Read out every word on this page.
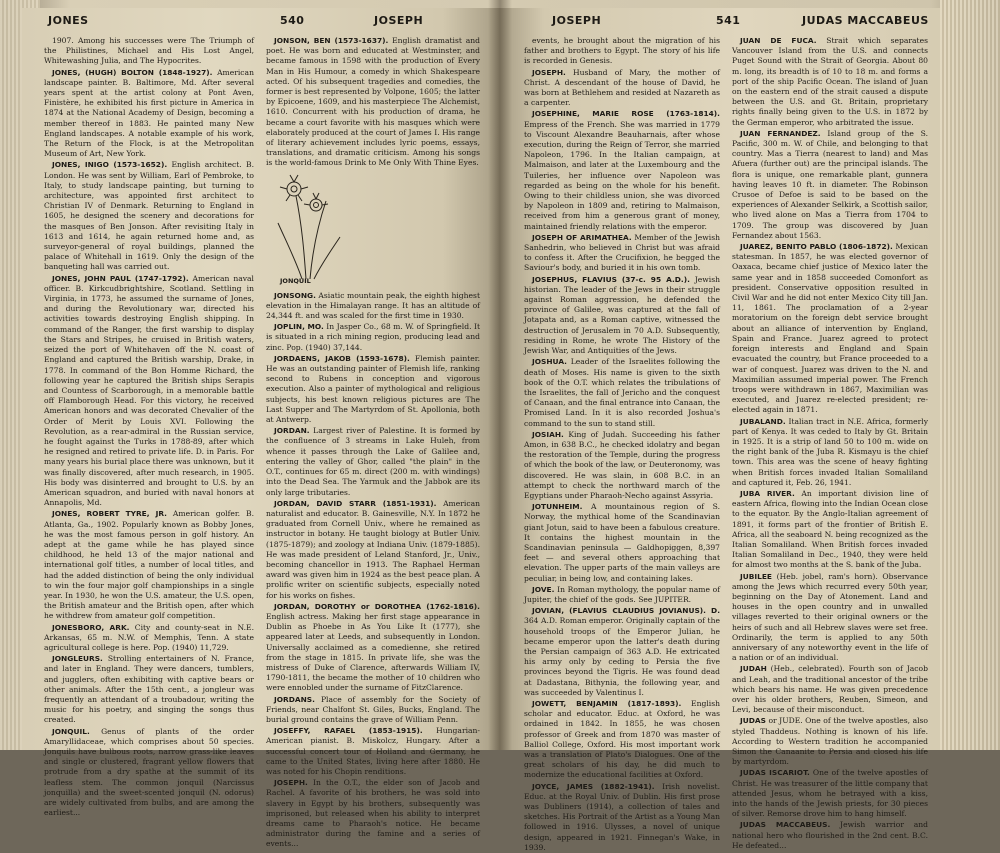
JONES	540	JOSEPH

1907. Among his successes were The Triumph of the Philistines, Michael and His Lost Angel, Whitewashing Julia, and The Hypocrites.

JONES, (HUGH) BOLTON (1848-1927). American landscape painter. B. Baltimore, Md. After several years spent at the artist colony at Pont Aven, Finistère, he exhibited his first picture in America in 1874 at the National Academy of Design, becoming a member thereof in 1883. He painted many New England landscapes. A notable example of his work, The Return of the Flock, is at the Metropolitan Museum of Art, New York.

JONES, INIGO (1573-1652). English architect. B. London. He was sent by William, Earl of Pembroke, to Italy, to study landscape painting, but turning to architecture, was appointed first architect to Christian IV of Denmark. Returning to England in 1605, he designed the scenery and decorations for the masques of Ben Jonson. After revisiting Italy in 1613 and 1614, he again returned home and, as surveyor-general of royal buildings, planned the palace of Whitehall in 1619. Only the design of the banqueting hall was carried out.

JONES, JOHN PAUL (1747-1792). American naval officer. B. Kirkcudbrightshire, Scotland. Settling in Virginia, in 1773, he assumed the surname of Jones, and during the Revolutionary war, directed his activities towards destroying English shipping. In command of the Ranger, the first warship to display the Stars and Stripes, he cruised in British waters, seized the port of Whitehaven off the N. coast of England and captured the British warship, Drake, in 1778. In command of the Bon Homme Richard, the following year he captured the British ships Serapis and Countess of Scarborough, in a memorable battle off Flamborough Head. For this victory, he received American honors and was decorated Chevalier of the Order of Merit by Louis XVI. Following the Revolution, as a rear-admiral in the Russian service, he fought against the Turks in 1788-89, after which he resigned and retired to private life. D. in Paris. For many years his burial place there was unknown, but it was finally discovered, after much research, in 1905. His body was disinterred and brought to U.S. by an American squadron, and buried with naval honors at Annapolis, Md.

JONES, ROBERT TYRE, JR. American golfer. B. Atlanta, Ga., 1902. Popularly known as Bobby Jones, he was the most famous person in golf history. An adept at the game while he has played since childhood, he held 13 of the major national and international golf titles, a number of local titles, and had the added distinction of being the only individual to win the four major golf championships in a single year. In 1930, he won the U.S. amateur, the U.S. open, the British amateur and the British open, after which he withdrew from amateur golf competition.

JONESBORO, ARK. City and county-seat in N.E. Arkansas, 65 m. N.W. of Memphis, Tenn. A state agricultural college is here. Pop. (1940) 11,729.

JONGLEURS. Strolling entertainers of N. France, and later in England. They were dancers, tumblers, and jugglers, often exhibiting with captive bears or other animals. After the 15th cent., a jongleur was frequently an attendant of a troubadour, writing the music for his poetry, and singing the songs thus created.

JONQUIL. Genus of plants of the order Amaryllidaceae, which comprises about 50 species. Jonquils have bulbous roots, narrow grass-like leaves and single or clustered, fragrant yellow flowers that protrude from a dry spathe at the summit of its leafless stem. The common jonquil (Narcissus jonquilla) and the sweet-scented jonquil (N. odorus) are widely cultivated from bulbs, and are among the earliest...

JONSON, BEN (1573-1637). English dramatist and poet. He was born and educated at Westminster, and became famous in 1598 with the production of Every Man in His Humour, a comedy in which Shakespeare acted. Of his subsequent tragedies and comedies, the former is best represented by Volpone, 1605; the latter by Epicoene, 1609, and his masterpiece The Alchemist, 1610. Concurrent with his production of drama, he became a court favorite with his masques which were elaborately produced at the court of James I. His range of literary achievement includes lyric poems, essays, translations, and dramatic criticism. Among his songs is the world-famous Drink to Me Only With Thine Eyes.

JONQUIL

JONSONG. Asiatic mountain peak, the eighth highest elevation in the Himalayan range. It has an altitude of 24,344 ft. and was scaled for the first time in 1930.

JOPLIN, MO. In Jasper Co., 68 m. W. of Springfield. It is situated in a rich mining region, producing lead and zinc. Pop. (1940) 37,144.

JORDAENS, JAKOB (1593-1678). Flemish painter. He was an outstanding painter of Flemish life, ranking second to Rubens in conception and vigorous execution. Also a painter of mythological and religious subjects, his best known religious pictures are The Last Supper and The Martyrdom of St. Apollonia, both at Antwerp.

JORDAN. Largest river of Palestine. It is formed by the confluence of 3 streams in Lake Huleh, from whence it passes through the Lake of Galilee and, entering the valley of Ghor, called "the plain" in the O.T., continues for 65 m. direct (200 m. with windings) into the Dead Sea. The Yarmuk and the Jabbok are its only large tributaries.

JORDAN, DAVID STARR (1851-1931). American naturalist and educator. B. Gainesville, N.Y. In 1872 he graduated from Cornell Univ., where he remained as instructor in botany. He taught biology at Butler Univ. (1875-1879); and zoology at Indiana Univ. (1879-1885). He was made president of Leland Stanford, Jr., Univ., becoming chancellor in 1913. The Raphael Herman award was given him in 1924 as the best peace plan. A prolific writer on scientific subjects, especially noted for his works on fishes.

JORDAN, DOROTHY or DOROTHEA (1762-1816). English actress. Making her first stage appearance in Dublin as Phoebe in As You Like It (1777), she appeared later at Leeds, and subsequently in London. Universally acclaimed as a comedienne, she retired from the stage in 1815. In private life, she was the mistress of Duke of Clarence, afterwards William IV, 1790-1811, the became the mother of 10 children who were ennobled under the surname of FitzClarence.

JORDANS. Place of assembly for the Society of Friends, near Chalfont St. Giles, Bucks, England. The burial ground contains the grave of William Penn.

JOSEFFY, RAFAEL (1853-1915). Hungarian-American pianist. B. Miskolcz, Hungary. After a successful concert tour of Holland and Germany, he came to the United States, living here after 1880. He was noted for his Chopin renditions.

JOSEPH. In the O.T., the elder son of Jacob and Rachel. A favorite of his brothers, he was sold into slavery in Egypt by his brothers, subsequently was imprisoned, but released when his ability to interpret dreams came to Pharaoh's notice. He became administrator during the famine and a series of events...

JOSEPH	541	JUDAS MACCABEUS

events, he brought about the migration of his father and brothers to Egypt. The story of his life is recorded in Genesis.

JOSEPH. Husband of Mary, the mother of Christ. A descendant of the house of David, he was born at Bethlehem and resided at Nazareth as a carpenter.

JOSEPHINE, MARIE ROSE (1763-1814). Empress of the French. She was married in 1779 to Viscount Alexandre Beauharnais, after whose execution, during the Reign of Terror, she married Napoleon, 1796. In the Italian campaign, at Malmaison, and later at the Luxembourg and the Tuileries, her influence over Napoleon was regarded as being on the whole for his benefit. Owing to their childless union, she was divorced by Napoleon in 1809 and, retiring to Malmaison, received from him a generous grant of money, maintained friendly relations with the emperor.

JOSEPH OF ARIMATHEA. Member of the Jewish Sanhedrin, who believed in Christ but was afraid to confess it. After the Crucifixion, he begged the Saviour's body, and buried it in his own tomb.

JOSEPHUS, FLAVIUS (37-c. 95 A.D.). Jewish historian. The leader of the Jews in their struggle against Roman aggression, he defended the province of Galilee, was captured at the fall of Jotapata and, as a Roman captive, witnessed the destruction of Jerusalem in 70 A.D. Subsequently, residing in Rome, he wrote The History of the Jewish War, and Antiquities of the Jews.

JOSHUA. Leader of the Israelites following the death of Moses. His name is given to the sixth book of the O.T. which relates the tribulations of the Israelites, the fall of Jericho and the conquest of Canaan, and the final entrance into Canaan, the Promised Land. In it is also recorded Joshua's command to the sun to stand still.

JOSIAH. King of Judah. Succeeding his father Amon, in 638 B.C., he checked idolatry and began the restoration of the Temple, during the progress of which the book of the law, or Deuteronomy, was discovered. He was slain, in 608 B.C. in an attempt to check the northward march of the Egyptians under Pharaoh-Necho against Assyria.

JOTUNHEIM. A mountainous region of S. Norway, the mythical home of the Scandinavian giant Jotun, said to have been a fabulous creature. It contains the highest mountain in the Scandinavian peninsula — Galdhopiggen, 8,397 feet — and several others approaching that elevation. The upper parts of the main valleys are peculiar, in being low, and containing lakes.

JOVE. In Roman mythology, the popular name of Jupiter, the chief of the gods. See JUPITER.

JOVIAN, (FLAVIUS CLAUDIUS JOVIANUS). D. 364 A.D. Roman emperor. Originally captain of the household troops of the Emperor Julian, he became emperor upon the latter's death during the Persian campaign of 363 A.D. He extricated his army only by ceding to Persia the five provinces beyond the Tigris. He was found dead at Dadastana, Bithynia, the following year, and was succeeded by Valentinus I.

JOWETT, BENJAMIN (1817-1893). English scholar and educator. Educ. at Oxford, he was ordained in 1842. In 1855, he was chosen professor of Greek and from 1870 was master of Balliol College, Oxford. His most important work was a translation of Plato's Dialogues. One of the great scholars of his day, he did much to modernize the educational facilities at Oxford.

JOYCE, JAMES (1882-1941). Irish novelist. Educ. at the Royal Univ. of Dublin. His first prose was Dubliners (1914), a collection of tales and sketches. His Portrait of the Artist as a Young Man followed in 1916. Ulysses, a novel of unique design, appeared in 1921. Finnegan's Wake, in 1939.

JUAN DE FUCA. Strait which separates Vancouver Island from the U.S. and connects Puget Sound with the Strait of Georgia. About 80 m. long, its breadth is of 10 to 18 m. and forms a port of the ship Pacific Ocean. The island of Juan on the eastern end of the strait caused a dispute between the U.S. and Gt. Britain, proprietary rights finally being given to the U.S. in 1872 by the German emperor, who arbitrated the issue.

JUAN FERNANDEZ. Island group of the S. Pacific, 300 m. W. of Chile, and belonging to that country. Mas a Tierra (nearest to land) and Mas Afuera (further out) are the principal islands. The flora is unique, one remarkable plant, gunnera having leaves 10 ft. in diameter. The Robinson Crusoe of Defoe is said to be based on the experiences of Alexander Selkirk, a Scottish sailor, who lived alone on Mas a Tierra from 1704 to 1709. The group was discovered by Juan Fernandez about 1563.

JUAREZ, BENITO PABLO (1806-1872). Mexican statesman. In 1857, he was elected governor of Oaxaca, became chief justice of Mexico later the same year and in 1858 succeeded Comonfort as president. Conservative opposition resulted in Civil War and he did not enter Mexico City till Jan. 11, 1861. The proclamation of a 2-year moratorium on the foreign debt service brought about an alliance of intervention by England, Spain and France. Juarez agreed to protect foreign interests and England and Spain evacuated the country, but France proceeded to a war of conquest. Juarez was driven to the N. and Maximilian assumed imperial power. The French troops were withdrawn in 1867, Maximilian was executed, and Juarez re-elected president; re-elected again in 1871.

JUBALAND. Italian tract in N.E. Africa, formerly part of Kenya. It was ceded to Italy by Gt. Britain in 1925. It is a strip of land 50 to 100 m. wide on the right bank of the Juba R. Kismayu is the chief town. This area was the scene of heavy fighting when British forces invaded Italian Somaliland and captured it, Feb. 26, 1941.

JUBA RIVER. An important division line of eastern Africa, flowing into the Indian Ocean close to the equator. By the Anglo-Italian agreement of 1891, it forms part of the frontier of British E. Africa, all the seaboard N. being recognized as the Italian Somaliland. When British forces invaded Italian Somaliland in Dec., 1940, they were held for almost two months at the S. bank of the Juba.

JUBILEE (Heb. jobel, ram's horn). Observance among the Jews which recurred every 50th year, beginning on the Day of Atonement. Land and houses in the open country and in unwalled villages reverted to their original owners or the heirs of such and all Hebrew slaves were set free. Ordinarily, the term is applied to any 50th anniversary of any noteworthy event in the life of a nation or of an individual.

JUDAH (Heb., celebrated). Fourth son of Jacob and Leah, and the traditional ancestor of the tribe which bears his name. He was given precedence over his older brothers, Reuben, Simeon, and Levi, because of their misconduct.

JUDAS or JUDE. One of the twelve apostles, also styled Thaddeus. Nothing is known of his life. According to Western tradition he accompanied Simon the Canaanite to Persia and closed his life by martyrdom.

JUDAS ISCARIOT. One of the twelve apostles of Christ. He was treasurer of the little company that attended Jesus, whom he betrayed with a kiss, into the hands of the Jewish priests, for 30 pieces of silver. Remorse drove him to hang himself.

JUDAS MACCABEUS. Jewish warrior and national hero who flourished in the 2nd cent. B.C. He defeated...
